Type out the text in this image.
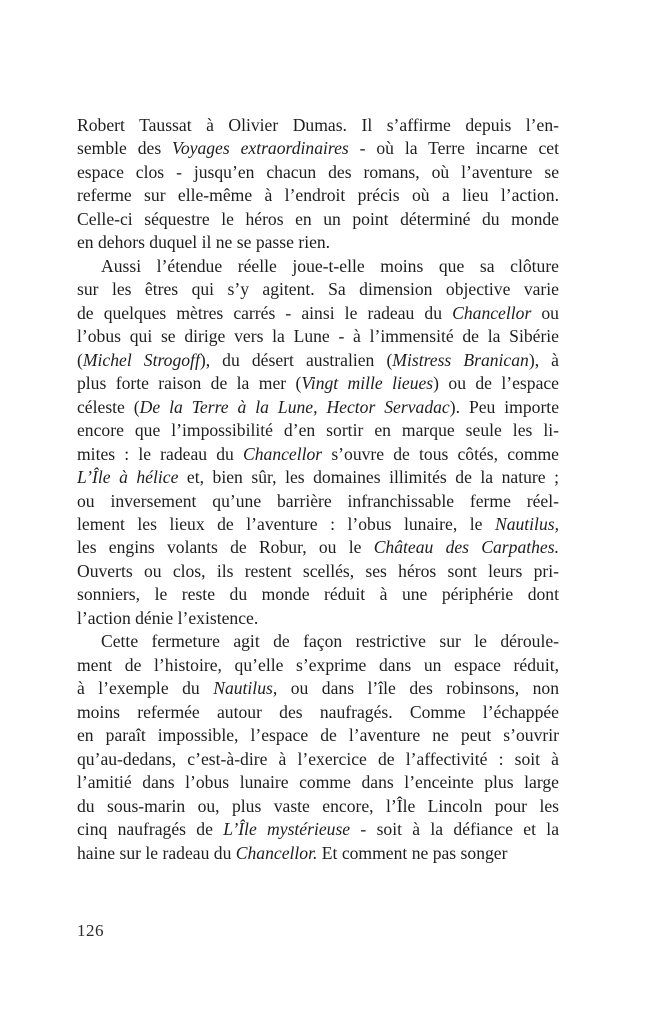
Robert Taussat à Olivier Dumas. Il s’affirme depuis l’en-
semble des Voyages extraordinaires - où la Terre incarne cet
espace clos - jusqu’en chacun des romans, où l’aventure se
referme sur elle-même à l’endroit précis où a lieu l’action.
Celle-ci séquestre le héros en un point déterminé du monde
en dehors duquel il ne se passe rien.
Aussi l’étendue réelle joue-t-elle moins que sa clôture
sur les êtres qui s’y agitent. Sa dimension objective varie
de quelques mètres carrés - ainsi le radeau du Chancellor ou
l’obus qui se dirige vers la Lune - à l’immensité de la Sibérie
(Michel Strogoff), du désert australien (Mistress Branican), à
plus forte raison de la mer (Vingt mille lieues) ou de l’espace
céleste (De la Terre à la Lune, Hector Servadac). Peu importe
encore que l’impossibilité d’en sortir en marque seule les li-
mites : le radeau du Chancellor s’ouvre de tous côtés, comme
L’Île à hélice et, bien sûr, les domaines illimités de la nature ;
ou inversement qu’une barrière infranchissable ferme réel-
lement les lieux de l’aventure : l’obus lunaire, le Nautilus,
les engins volants de Robur, ou le Château des Carpathes.
Ouverts ou clos, ils restent scellés, ses héros sont leurs pri-
sonniers, le reste du monde réduit à une périphérie dont
l’action dénie l’existence.
Cette fermeture agit de façon restrictive sur le déroule-
ment de l’histoire, qu’elle s’exprime dans un espace réduit,
à l’exemple du Nautilus, ou dans l’île des robinsons, non
moins refermée autour des naufragés. Comme l’échappée
en paraît impossible, l’espace de l’aventure ne peut s’ouvrir
qu’au-dedans, c’est-à-dire à l’exercice de l’affectivité : soit à
l’amitié dans l’obus lunaire comme dans l’enceinte plus large
du sous-marin ou, plus vaste encore, l’Île Lincoln pour les
cinq naufragés de L’Île mystérieuse - soit à la défiance et la
haine sur le radeau du Chancellor. Et comment ne pas songer
126
